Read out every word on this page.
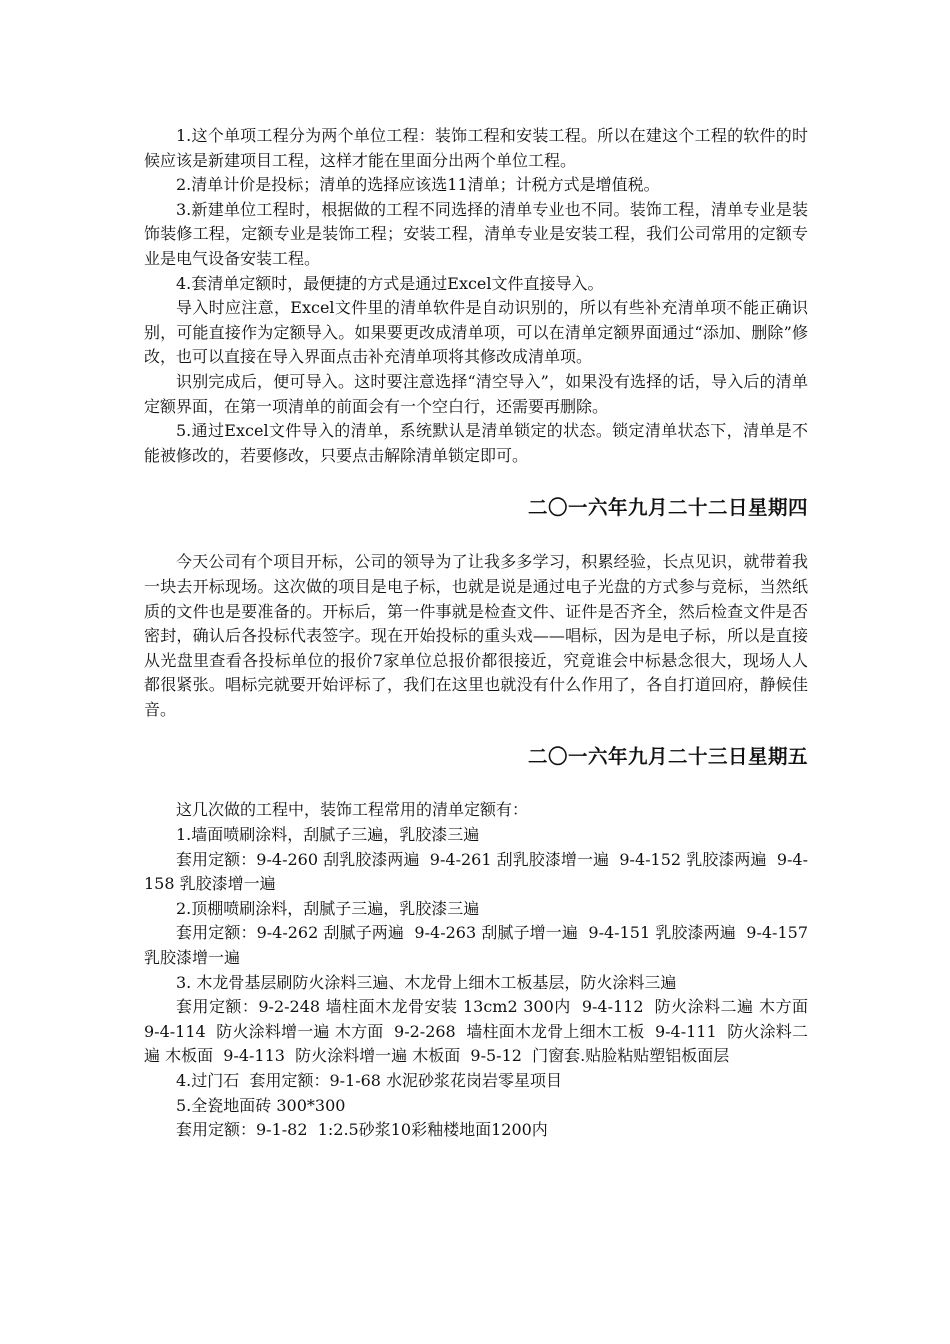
1.这个单项工程分为两个单位工程：装饰工程和安装工程。所以在建这个工程的软件的时候应该是新建项目工程，这样才能在里面分出两个单位工程。

2.清单计价是投标；清单的选择应该选11清单；计税方式是增值税。

3.新建单位工程时，根据做的工程不同选择的清单专业也不同。装饰工程，清单专业是装饰装修工程，定额专业是装饰工程；安装工程，清单专业是安装工程，我们公司常用的定额专业是电气设备安装工程。

4.套清单定额时，最便捷的方式是通过Excel文件直接导入。

导入时应注意，Excel文件里的清单软件是自动识别的，所以有些补充清单项不能正确识别，可能直接作为定额导入。如果要更改成清单项，可以在清单定额界面通过“添加、删除”修改，也可以直接在导入界面点击补充清单项将其修改成清单项。

识别完成后，便可导入。这时要注意选择“清空导入”，如果没有选择的话，导入后的清单定额界面，在第一项清单的前面会有一个空白行，还需要再删除。

5.通过Excel文件导入的清单，系统默认是清单锁定的状态。锁定清单状态下，清单是不能被修改的，若要修改，只要点击解除清单锁定即可。

二〇一六年九月二十二日星期四

今天公司有个项目开标，公司的领导为了让我多多学习，积累经验，长点见识，就带着我一块去开标现场。这次做的项目是电子标，也就是说是通过电子光盘的方式参与竞标，当然纸质的文件也是要准备的。开标后，第一件事就是检查文件、证件是否齐全，然后检查文件是否密封，确认后各投标代表签字。现在开始投标的重头戏——唱标，因为是电子标，所以是直接从光盘里查看各投标单位的报价7家单位总报价都很接近，究竟谁会中标悬念很大，现场人人都很紧张。唱标完就要开始评标了，我们在这里也就没有什么作用了，各自打道回府，静候佳音。

二〇一六年九月二十三日星期五

这几次做的工程中，装饰工程常用的清单定额有：

1.墙面喷刷涂料，刮腻子三遍，乳胶漆三遍

套用定额：9-4-260 刮乳胶漆两遍  9-4-261 刮乳胶漆增一遍  9-4-152 乳胶漆两遍  9-4-158 乳胶漆增一遍

2.顶棚喷刷涂料，刮腻子三遍，乳胶漆三遍

套用定额：9-4-262 刮腻子两遍  9-4-263 刮腻子增一遍  9-4-151 乳胶漆两遍  9-4-157 乳胶漆增一遍

3. 木龙骨基层刷防火涂料三遍、木龙骨上细木工板基层，防火涂料三遍

套用定额：9-2-248 墙柱面木龙骨安装 13cm2 300内  9-4-112  防火涂料二遍 木方面  9-4-114  防火涂料增一遍 木方面  9-2-268  墙柱面木龙骨上细木工板  9-4-111  防火涂料二遍 木板面  9-4-113  防火涂料增一遍 木板面  9-5-12  门窗套.贴脸粘贴塑铝板面层

4.过门石  套用定额：9-1-68 水泥砂浆花岗岩零星项目

5.全瓷地面砖 300*300

套用定额：9-1-82  1:2.5砂浆10彩釉楼地面1200内
